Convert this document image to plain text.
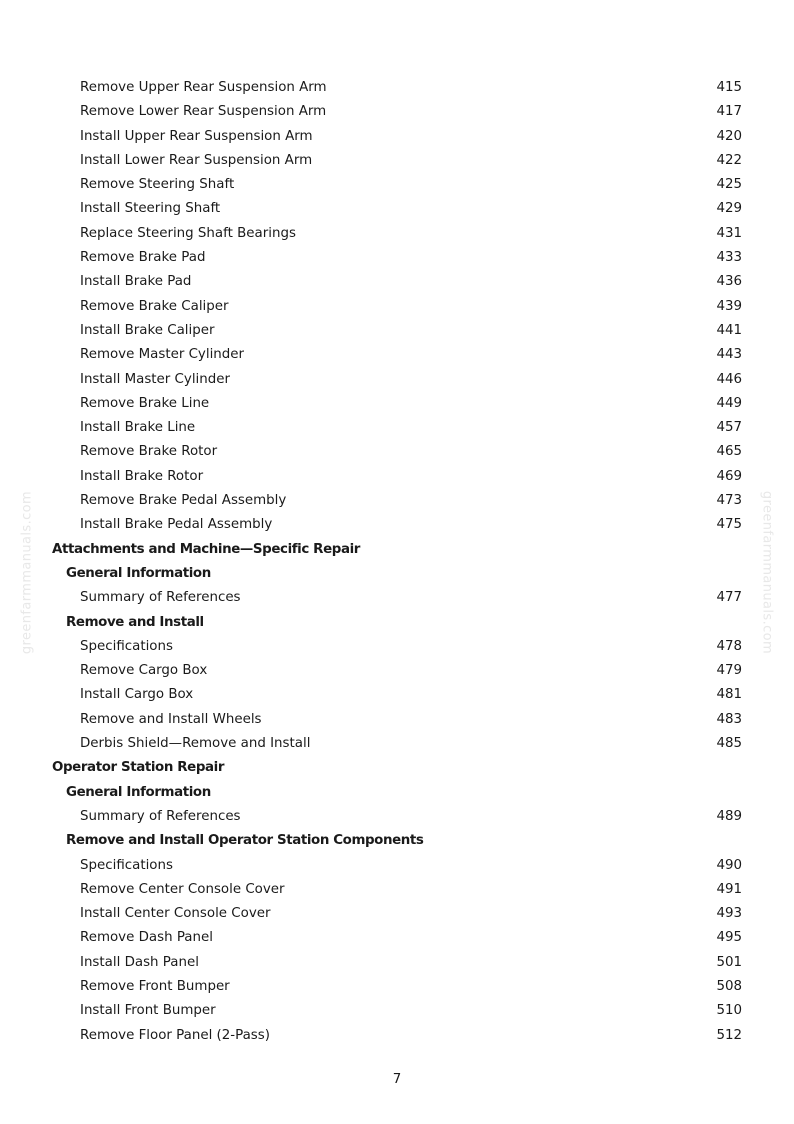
greenfarmmanuals.com	greenfarmmanuals.com
Remove Upper Rear Suspension Arm	415
Remove Lower Rear Suspension Arm	417
Install Upper Rear Suspension Arm	420
Install Lower Rear Suspension Arm	422
Remove Steering Shaft	425
Install Steering Shaft	429
Replace Steering Shaft Bearings	431
Remove Brake Pad	433
Install Brake Pad	436
Remove Brake Caliper	439
Install Brake Caliper	441
Remove Master Cylinder	443
Install Master Cylinder	446
Remove Brake Line	449
Install Brake Line	457
Remove Brake Rotor	465
Install Brake Rotor	469
Remove Brake Pedal Assembly	473
Install Brake Pedal Assembly	475
Attachments and Machine—Specific Repair
General Information
Summary of References	477
Remove and Install
Specifications	478
Remove Cargo Box	479
Install Cargo Box	481
Remove and Install Wheels	483
Derbis Shield—Remove and Install	485
Operator Station Repair
General Information
Summary of References	489
Remove and Install Operator Station Components
Specifications	490
Remove Center Console Cover	491
Install Center Console Cover	493
Remove Dash Panel	495
Install Dash Panel	501
Remove Front Bumper	508
Install Front Bumper	510
Remove Floor Panel (2-Pass)	512
7
